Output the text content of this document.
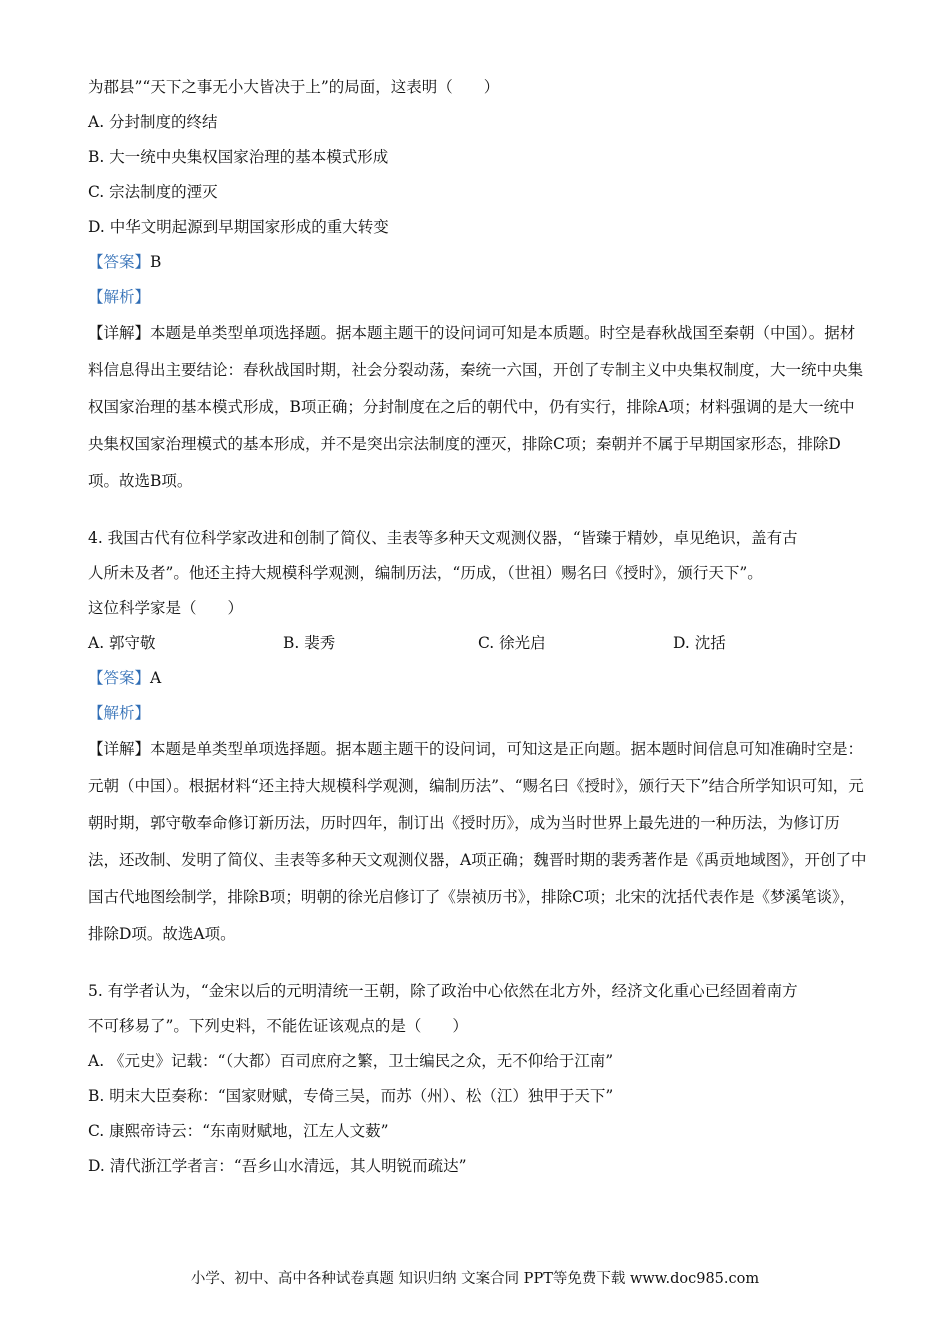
为郡县”“天下之事无小大皆决于上”的局面，这表明（　　）
A. 分封制度的终结
B. 大一统中央集权国家治理的基本模式形成
C. 宗法制度的湮灭
D. 中华文明起源到早期国家形成的重大转变
【答案】B
【解析】
【详解】本题是单类型单项选择题。据本题主题干的设问词可知是本质题。时空是春秋战国至秦朝（中国）。据材料信息得出主要结论：春秋战国时期，社会分裂动荡，秦统一六国，开创了专制主义中央集权制度，大一统中央集权国家治理的基本模式形成，B项正确；分封制度在之后的朝代中，仍有实行，排除A项；材料强调的是大一统中央集权国家治理模式的基本形成，并不是突出宗法制度的湮灭，排除C项；秦朝并不属于早期国家形态，排除D项。故选B项。
4. 我国古代有位科学家改进和创制了简仪、圭表等多种天文观测仪器，“皆臻于精妙，卓见绝识，盖有古
人所未及者”。他还主持大规模科学观测，编制历法，“历成，（世祖）赐名曰《授时》，颁行天下”。
这位科学家是（　　）
A. 郭守敬	B. 裴秀	C. 徐光启	D. 沈括
【答案】A
【解析】
【详解】本题是单类型单项选择题。据本题主题干的设问词，可知这是正向题。据本题时间信息可知准确时空是：元朝（中国）。根据材料“还主持大规模科学观测，编制历法”、“赐名曰《授时》，颁行天下”结合所学知识可知，元朝时期，郭守敬奉命修订新历法，历时四年，制订出《授时历》，成为当时世界上最先进的一种历法，为修订历法，还改制、发明了简仪、圭表等多种天文观测仪器，A项正确；魏晋时期的裴秀著作是《禹贡地域图》，开创了中国古代地图绘制学，排除B项；明朝的徐光启修订了《崇祯历书》，排除C项；北宋的沈括代表作是《梦溪笔谈》，排除D项。故选A项。
5. 有学者认为，“金宋以后的元明清统一王朝，除了政治中心依然在北方外，经济文化重心已经固着南方
不可移易了”。下列史料，不能佐证该观点的是（　　）
A. 《元史》记载：“（大都）百司庶府之繁，卫士编民之众，无不仰给于江南”
B. 明末大臣奏称：“国家财赋，专倚三吴，而苏（州）、松（江）独甲于天下”
C. 康熙帝诗云：“东南财赋地，江左人文薮”
D. 清代浙江学者言：“吾乡山水清远，其人明锐而疏达”
小学、初中、高中各种试卷真题 知识归纳 文案合同 PPT等免费下载 www.doc985.com
